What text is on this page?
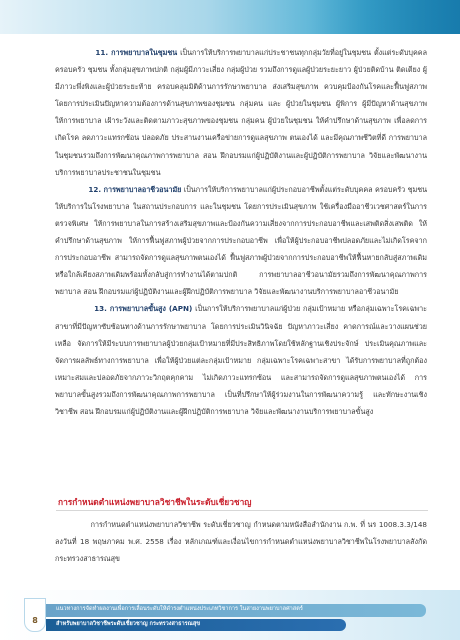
11. การพยาบาลในชุมชน เป็นการให้บริการพยาบาลแก่ประชาชนทุกกลุ่มวัยที่อยู่ในชุมชน ตั้งแต่ระดับบุคคล ครอบครัว ชุมชน ทั้งกลุ่มสุขภาพปกติ กลุ่มผู้มีภาวะเสี่ยง กลุ่มผู้ป่วย รวมถึงการดูแลผู้ป่วยระยะยาว ผู้ป่วยติดบ้าน ติดเตียง ผู้มีภาวะพึ่งพิงและผู้ป่วยระยะท้าย ครอบคลุมมิติด้านการรักษาพยาบาล ส่งเสริมสุขภาพ ควบคุมป้องกันโรคและฟื้นฟูสภาพ โดยการประเมินปัญหาความต้องการด้านสุขภาพของชุมชน กลุ่มคน และ ผู้ป่วยในชุมชน ผู้พิการ ผู้มีปัญหาด้านสุขภาพ ให้การพยาบาล เฝ้าระวังและติดตามภาวะสุขภาพของชุมชน กลุ่มคน ผู้ป่วยในชุมชน ให้คำปรึกษาด้านสุขภาพ เพื่อลดการเกิดโรค ลดภาวะแทรกซ้อน ปลอดภัย ประสานงานเครือข่ายการดูแลสุขภาพ ตนเองได้ และมีคุณภาพชีวิตที่ดี การพยาบาลในชุมชนรวมถึงการพัฒนาคุณภาพการพยาบาล สอน ฝึกอบรมแก่ผู้ปฏิบัติงานและผู้ปฏิบัติการพยาบาล วิจัยและพัฒนางานบริการพยาบาลประชาชนในชุมชน

12. การพยาบาลอาชีวอนามัย เป็นการให้บริการพยาบาลแก่ผู้ประกอบอาชีพตั้งแต่ระดับบุคคล ครอบครัว ชุมชน ให้บริการในโรงพยาบาล ในสถานประกอบการ และในชุมชน โดยการประเมินสุขภาพ ใช้เครื่องมืออาชีวเวชศาสตร์ในการตรวจพิเศษ ให้การพยาบาลในการสร้างเสริมสุขภาพและป้องกันความเสี่ยงจากการประกอบอาชีพและเสพติดสิ่งเสพติด ให้คำปรึกษาด้านสุขภาพ ให้การฟื้นฟูสภาพผู้ป่วยจากการประกอบอาชีพ เพื่อให้ผู้ประกอบอาชีพปลอดภัยและไม่เกิดโรคจากการประกอบอาชีพ สามารถจัดการดูแลสุขภาพตนเองได้ ฟื้นฟูสภาพผู้ป่วยจากการประกอบอาชีพให้ฟื้นหายกลับสู่สภาพเดิมหรือใกล้เคียงสภาพเดิมพร้อมทั้งกลับสู่การทำงานได้ตามปกติ การพยาบาลอาชีวอนามัยรวมถึงการพัฒนาคุณภาพการพยาบาล สอน ฝึกอบรมแก่ผู้ปฏิบัติงานและผู้ฝึกปฏิบัติการพยาบาล วิจัยและพัฒนางานบริการพยาบาลอาชีวอนามัย

13. การพยาบาลขั้นสูง (APN) เป็นการให้บริการพยาบาลแก่ผู้ป่วย กลุ่มเป้าหมาย หรือกลุ่มเฉพาะโรคเฉพาะสาขาที่มีปัญหาซับซ้อนทางด้านการรักษาพยาบาล โดยการประเมินวินิจฉัย ปัญหาภาวะเสี่ยง คาดการณ์และวางแผนช่วยเหลือ จัดการให้มีระบบการพยาบาลผู้ป่วยกลุ่มเป้าหมายที่มีประสิทธิภาพโดยใช้หลักฐานเชิงประจักษ์ ประเมินคุณภาพและจัดการผลลัพธ์ทางการพยาบาล เพื่อให้ผู้ป่วยแต่ละกลุ่มเป้าหมาย กลุ่มเฉพาะโรคเฉพาะสาขา ได้รับการพยาบาลที่ถูกต้องเหมาะสมและปลอดภัยจากภาวะวิกฤตคุกคาม ไม่เกิดภาวะแทรกซ้อน และสามารถจัดการดูแลสุขภาพตนเองได้ การพยาบาลขั้นสูงรวมถึงการพัฒนาคุณภาพการพยาบาล เป็นที่ปรึกษาให้ผู้ร่วมงานในการพัฒนาความรู้ และทักษะงานเชิงวิชาชีพ สอน ฝึกอบรมแก่ผู้ปฏิบัติงานและผู้ฝึกปฏิบัติการพยาบาล วิจัยและพัฒนางานบริการพยาบาลขั้นสูง

การกำหนดตำแหน่งพยาบาลวิชาชีพในระดับเชี่ยวชาญ

การกำหนดตำแหน่งพยาบาลวิชาชีพ ระดับเชี่ยวชาญ กำหนดตามหนังสือสำนักงาน ก.พ. ที่ นร 1008.3.3/148 ลงวันที่ 18 พฤษภาคม พ.ศ. 2558 เรื่อง หลักเกณฑ์และเงื่อนไขการกำหนดตำแหน่งพยาบาลวิชาชีพในโรงพยาบาลสังกัดกระทรวงสาธารณสุข

แนวทางการจัดทำผลงานเพื่อการเลื่อนระดับให้ดำรงตำแหน่งประเภทวิชาการ ในสายงานพยาบาลศาสตร์
สำหรับพยาบาลวิชาชีพระดับเชี่ยวชาญ กระทรวงสาธารณสุข
8
